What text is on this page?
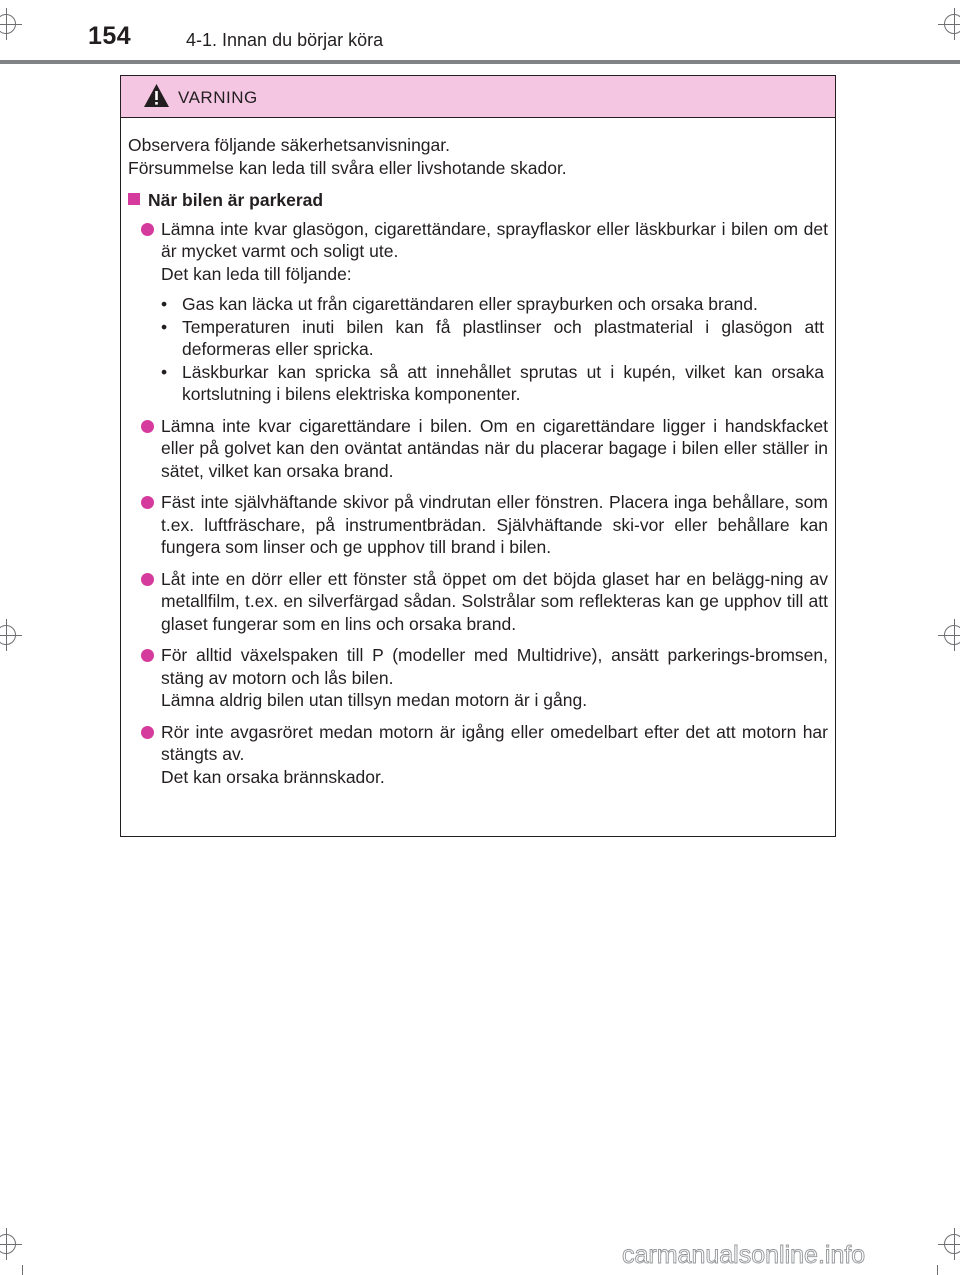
154	4-1. Innan du börjar köra
VARNING

Observera följande säkerhetsanvisningar.

Försummelse kan leda till svåra eller livshotande skador.

När bilen är parkerad
Lämna inte kvar glasögon, cigarettändare, sprayflaskor eller läskburkar i bilen om det är mycket varmt och soligt ute.
Det kan leda till följande:
• Gas kan läcka ut från cigarettändaren eller sprayburken och orsaka brand.
• Temperaturen inuti bilen kan få plastlinser och plastmaterial i glasögon att deformeras eller spricka.
• Läskburkar kan spricka så att innehållet sprutas ut i kupén, vilket kan orsaka kortslutning i bilens elektriska komponenter.
Lämna inte kvar cigarettändare i bilen. Om en cigarettändare ligger i handskfacket eller på golvet kan den oväntat antändas när du placerar bagage i bilen eller ställer in sätet, vilket kan orsaka brand.
Fäst inte självhäftande skivor på vindrutan eller fönstren. Placera inga behållare, som t.ex. luftfräschare, på instrumentbrädan. Självhäftande ski-vor eller behållare kan fungera som linser och ge upphov till brand i bilen.
Låt inte en dörr eller ett fönster stå öppet om det böjda glaset har en belägg-ning av metallfilm, t.ex. en silverfärgad sådan. Solstrålar som reflekteras kan ge upphov till att glaset fungerar som en lins och orsaka brand.
För alltid växelspaken till P (modeller med Multidrive), ansätt parkerings-bromsen, stäng av motorn och lås bilen.
Lämna aldrig bilen utan tillsyn medan motorn är i gång.
Rör inte avgasröret medan motorn är igång eller omedelbart efter det att motorn har stängts av.
Det kan orsaka brännskador.
carmanualsonline.info
